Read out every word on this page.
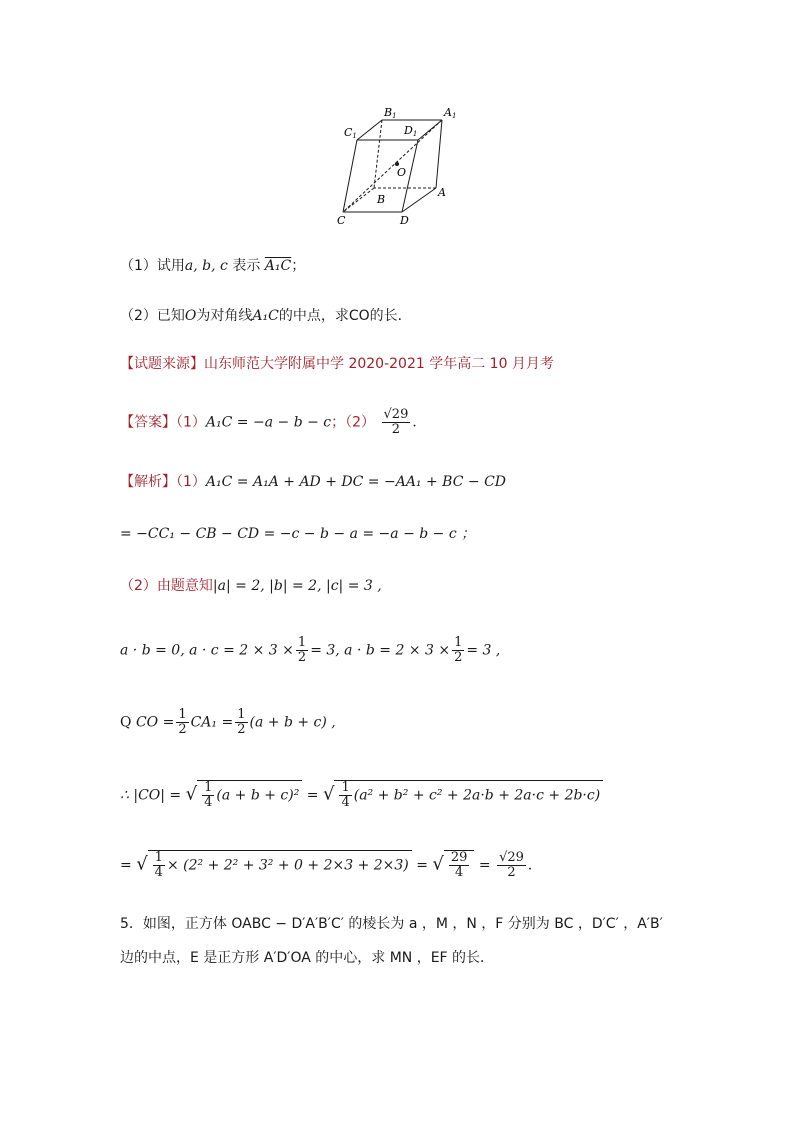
B1	A1
C1	D1
O
B
A
C	D
（1）试用a, b, c 表示 A₁C；
（2）已知O为对角线A₁C的中点，求CO的长．
【试题来源】山东师范大学附属中学 2020-2021 学年高二 10 月月考
【答案】（1）A₁C = −a − b − c；$(2) \frac{√29}{2}$ ．
【解析】（1）A₁C = A₁A + AD + DC = −AA₁ + BC − CD
= −CC₁ − CB − CD = −c − b − a = −a − b − c ；
（2）由题意知|a| = 2, |b| = 2, |c| = 3 ,
a · b = 0, $a \cdot c = 2 \times 3 \times \frac{1}{2} = 3$, $a \cdot b = 2 \times 3 \times \frac{1}{2} = 3$ ,
Q CO = $\frac{1}{2} CA_1 = \frac{1}{2} (a + b + c)$ ,
∴ |CO| = √ $\frac{1}{4} (a + b + c)^2$ = √ $\frac{1}{4} (a^2 + b^2 + c^2 + 2a\cdot b + 2a\cdot c + 2b\cdot c)$
= √ $\frac{1}{4} \times (2^2 + 2^2 + 3^2 + 0 + 2\times 3 + 2\times 3)$ = √ $\frac{29}{4} = \frac{√29}{2}$ ．
5．如图，正方体 OABC − D′A′B′C′ 的棱长为 a ，M ，N ，F 分别为 BC ，D′C′ ，A′B′
边的中点，E 是正方形 A′D′OA 的中心，求 MN ，EF 的长．
